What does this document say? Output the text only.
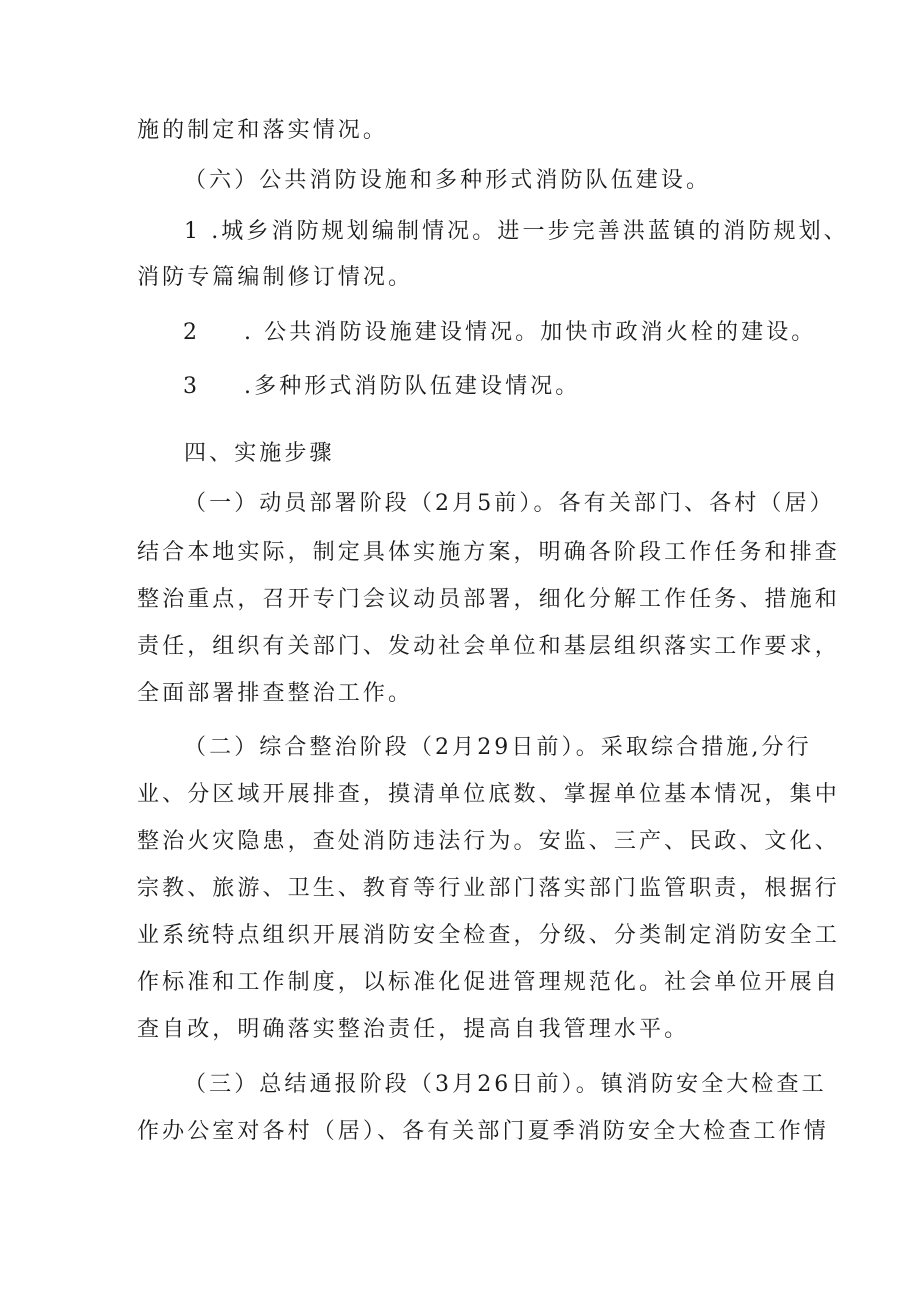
施的制定和落实情况。
（六）公共消防设施和多种形式消防队伍建设。
1 .城乡消防规划编制情况。进一步完善洪蓝镇的消防规划、
消防专篇编制修订情况。
2 . 公共消防设施建设情况。加快市政消火栓的建设。
3 .多种形式消防队伍建设情况。
四、实施步骤
（一）动员部署阶段（2月5前）。各有关部门、各村（居）
结合本地实际，制定具体实施方案，明确各阶段工作任务和排查
整治重点，召开专门会议动员部署，细化分解工作任务、措施和
责任，组织有关部门、发动社会单位和基层组织落实工作要求，
全面部署排查整治工作。
（二）综合整治阶段（2月29日前）。采取综合措施,分行
业、分区域开展排查，摸清单位底数、掌握单位基本情况，集中
整治火灾隐患，查处消防违法行为。安监、三产、民政、文化、
宗教、旅游、卫生、教育等行业部门落实部门监管职责，根据行
业系统特点组织开展消防安全检查，分级、分类制定消防安全工
作标准和工作制度，以标准化促进管理规范化。社会单位开展自
查自改，明确落实整治责任，提高自我管理水平。
（三）总结通报阶段（3月26日前）。镇消防安全大检查工
作办公室对各村（居）、各有关部门夏季消防安全大检查工作情
